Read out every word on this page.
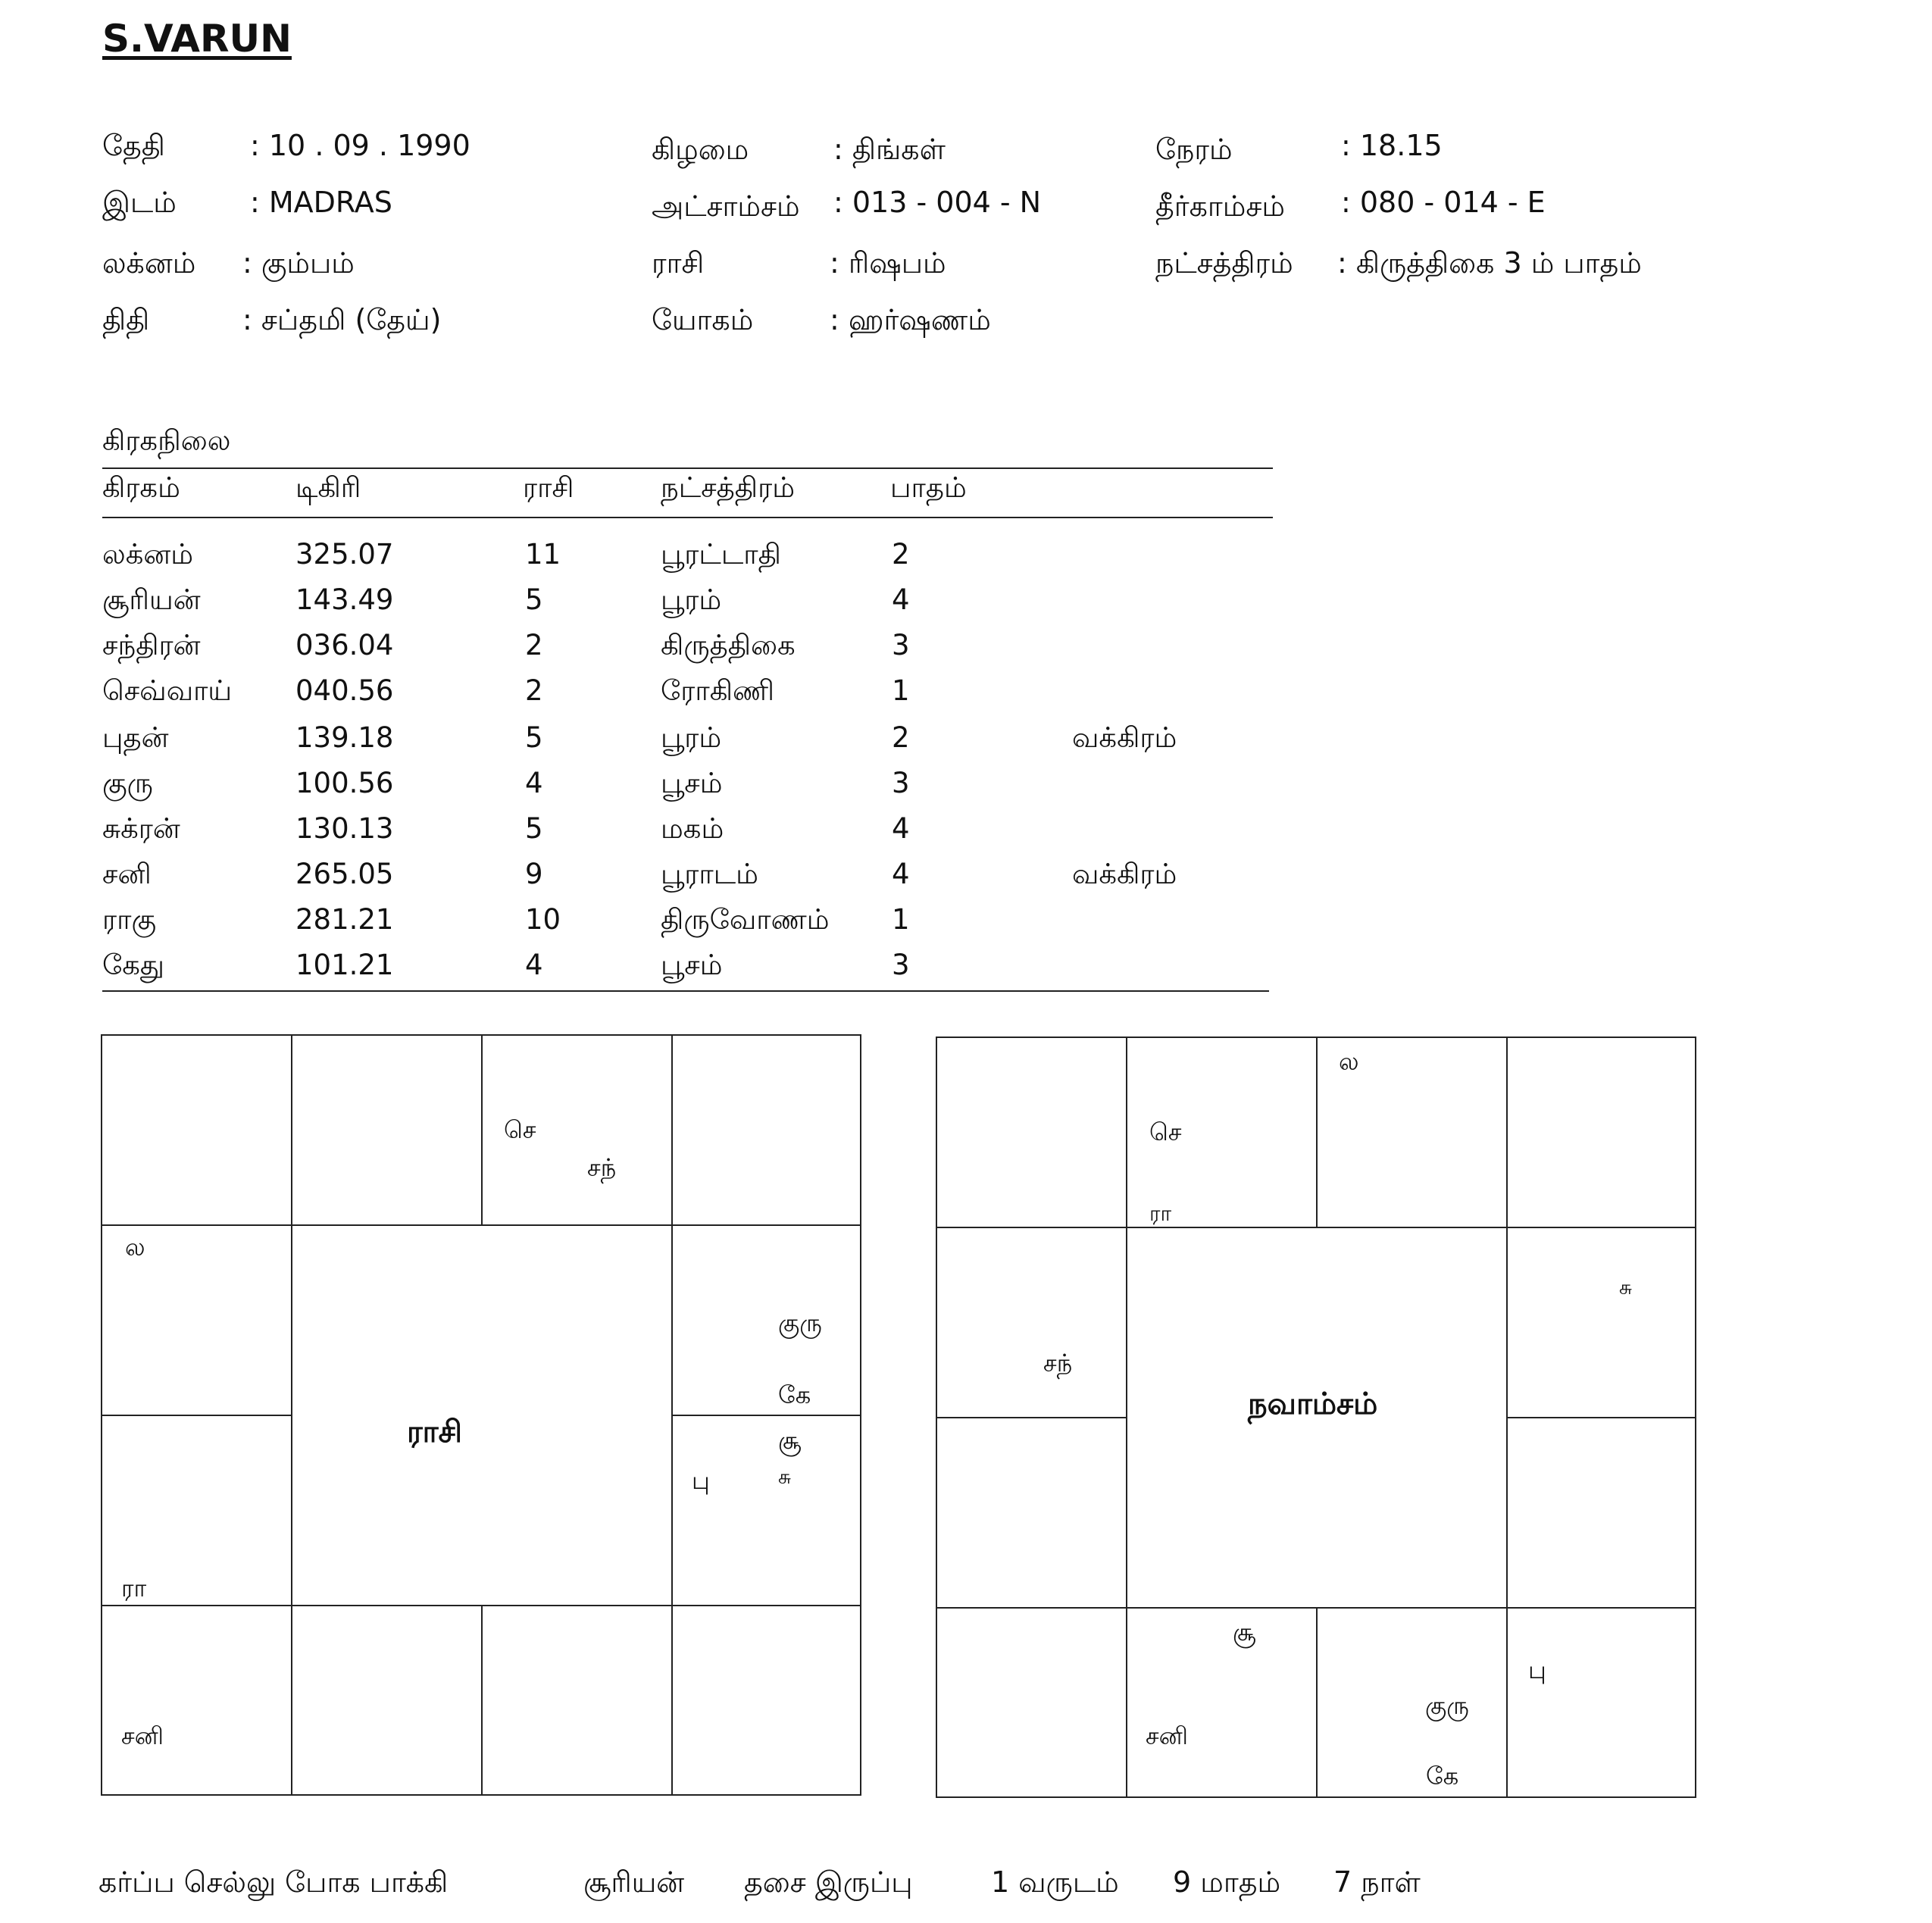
S.VARUN
தேதி	: 10 . 09 . 1990	கிழமை	: திங்கள்	நேரம்	: 18.15
இடம்	: MADRAS	அட்சாம்சம் : 013 - 004 - N	தீர்காம்சம் : 080 - 014 - E
லக்னம் : கும்பம்	ராசி	: ரிஷபம்	நட்சத்திரம் : கிருத்திகை 3 ம் பாதம்
திதி	: சப்தமி (தேய்)	யோகம்	: ஹர்ஷணம்
கிரகநிலை
கிரகம்	டிகிரி	ராசி	நட்சத்திரம்	பாதம்
லக்னம்	325.07	11	பூரட்டாதி	2
சூரியன்	143.49	5	பூரம்	4
சந்திரன்	036.04	2	கிருத்திகை	3
செவ்வாய் 040.56	2	ரோகிணி	1
புதன்	139.18	5	பூரம்	2	வக்கிரம்
குரு	100.56	4	பூசம்	3
சுக்ரன்	130.13	5	மகம்	4
சனி	265.05	9	பூராடம்	4	வக்கிரம்
ராகு	281.21	10	திருவோணம் 1
கேது	101.21	4	பூசம்	3
ராசி
செ
சந்
ல
குரு
கே
சூ
பு	சு
ரா
சனி
நவாம்சம்
ல
செ
ரா
சு
சந்
சூ
சனி
பு
குரு
கே
கர்ப்ப செல்லு போக பாக்கி	சூரியன் தசை இருப்பு	1 வருடம் 9 மாதம் 7 நாள்
